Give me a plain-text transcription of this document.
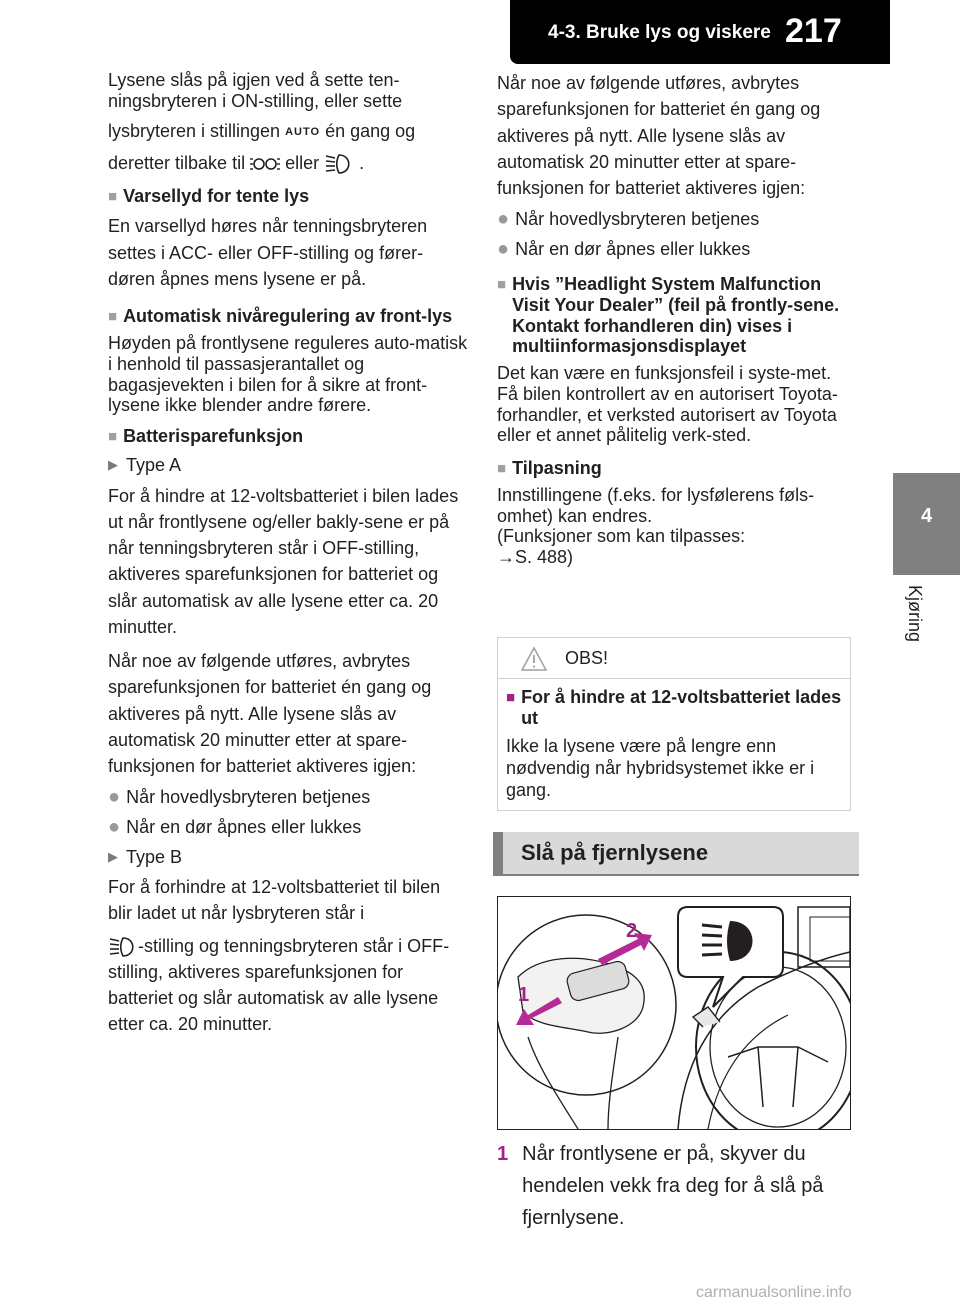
4-3. Bruke lys og viskere 217
4
Kjøring

Lysene slås på igjen ved å sette ten-ningsbryteren i ON-stilling, eller sette

lysbryteren i stillingen AUTO én gang og

deretter tilbake til eller .

■ Varsellyd for tente lys

En varsellyd høres når tenningsbryteren settes i ACC- eller OFF-stilling og fører-døren åpnes mens lysene er på.

■ Automatisk nivåregulering av front-lys

Høyden på frontlysene reguleres auto-matisk i henhold til passasjerantallet og bagasjevekten i bilen for å sikre at front-lysene ikke blender andre førere.

■ Batterisparefunksjon
▶ Type A

For å hindre at 12-voltsbatteriet i bilen lades ut når frontlysene og/eller bakly-sene er på når tenningsbryteren står i OFF-stilling, aktiveres sparefunksjonen for batteriet og slår automatisk av alle lysene etter ca. 20 minutter.

Når noe av følgende utføres, avbrytes sparefunksjonen for batteriet én gang og aktiveres på nytt. Alle lysene slås av automatisk 20 minutter etter at spare-funksjonen for batteriet aktiveres igjen:

● Når hovedlysbryteren betjenes
● Når en dør åpnes eller lukkes
▶ Type B

For å forhindre at 12-voltsbatteriet til bilen blir ladet ut når lysbryteren står i

-stilling og tenningsbryteren står i OFF-stilling, aktiveres sparefunksjonen for batteriet og slår automatisk av alle lysene etter ca. 20 minutter.

Når noe av følgende utføres, avbrytes sparefunksjonen for batteriet én gang og aktiveres på nytt. Alle lysene slås av automatisk 20 minutter etter at spare-funksjonen for batteriet aktiveres igjen:

● Når hovedlysbryteren betjenes
● Når en dør åpnes eller lukkes
■ Hvis ”Headlight System Malfunction Visit Your Dealer” (feil på frontly-sene. Kontakt forhandleren din) vises i multiinformasjonsdisplayet

Det kan være en funksjonsfeil i syste-met. Få bilen kontrollert av en autorisert Toyota-forhandler, et verksted autorisert av Toyota eller et annet pålitelig verk-sted.

■ Tilpasning

Innstillingene (f.eks. for lysfølerens føls-omhet) kan endres.
(Funksjoner som kan tilpasses:
→S. 488)

OBS!
■ For å hindre at 12-voltsbatteriet lades ut

Ikke la lysene være på lengre enn nødvendig når hybridsystemet ikke er i gang.

Slå på fjernlysene
2
1
1 Når frontlysene er på, skyver du hendelen vekk fra deg for å slå på fjernlysene.
carmanualsonline.info
